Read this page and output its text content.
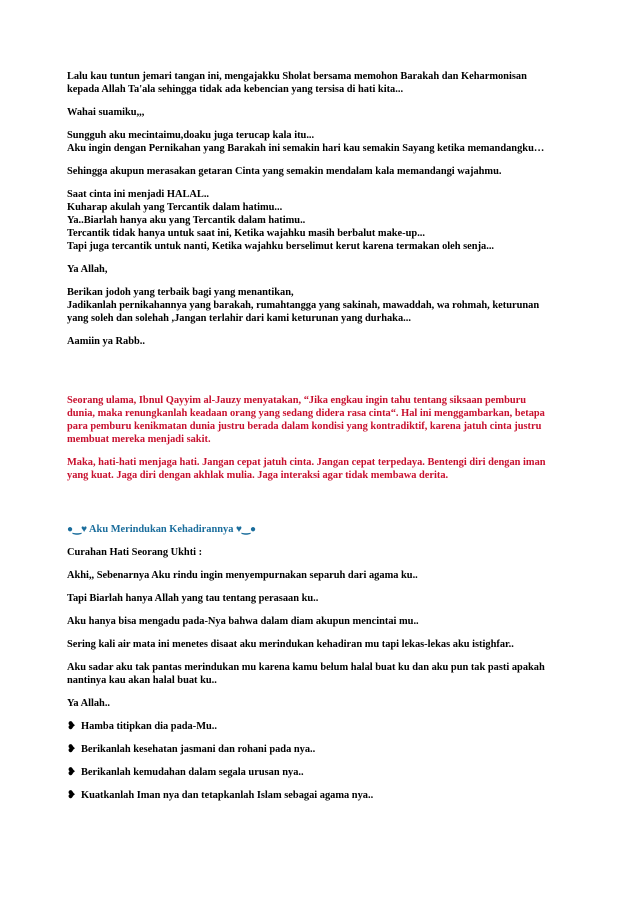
Lalu kau tuntun jemari tangan ini, mengajakku Sholat bersama memohon Barakah dan Keharmonisan
kepada Allah Ta'ala sehingga tidak ada kebencian yang tersisa di hati kita...

Wahai suamiku,,,

Sungguh aku mecintaimu,doaku juga terucap kala itu...
Aku ingin dengan Pernikahan yang Barakah ini semakin hari kau semakin Sayang ketika memandangku…

Sehingga akupun merasakan getaran Cinta yang semakin mendalam kala memandangi wajahmu.

Saat cinta ini menjadi HALAL..
Kuharap akulah yang Tercantik dalam hatimu...
Ya..Biarlah hanya aku yang Tercantik dalam hatimu..
Tercantik tidak hanya untuk saat ini, Ketika wajahku masih berbalut make-up...
Tapi juga tercantik untuk nanti, Ketika wajahku berselimut kerut karena termakan oleh senja...

Ya Allah,

Berikan jodoh yang terbaik bagi yang menantikan,
Jadikanlah pernikahannya yang barakah, rumahtangga yang sakinah, mawaddah, wa rohmah, keturunan
yang soleh dan solehah ,Jangan terlahir dari kami keturunan yang durhaka...

Aamiin ya Rabb..

Seorang ulama, Ibnul Qayyim al-Jauzy menyatakan, “Jika engkau ingin tahu tentang siksaan pemburu
dunia, maka renungkanlah keadaan orang yang sedang didera rasa cinta“. Hal ini menggambarkan, betapa
para pemburu kenikmatan dunia justru berada dalam kondisi yang kontradiktif, karena jatuh cinta justru
membuat mereka menjadi sakit.

Maka, hati-hati menjaga hati. Jangan cepat jatuh cinta. Jangan cepat terpedaya. Bentengi diri dengan iman
yang kuat. Jaga diri dengan akhlak mulia. Jaga interaksi agar tidak membawa derita.

●‿♥ Aku Merindukan Kehadirannya ♥‿●

Curahan Hati Seorang Ukhti :

Akhi,, Sebenarnya Aku rindu ingin menyempurnakan separuh dari agama ku..

Tapi Biarlah hanya Allah yang tau tentang perasaan ku..

Aku hanya bisa mengadu pada-Nya bahwa dalam diam akupun mencintai mu..

Sering kali air mata ini menetes disaat aku merindukan kehadiran mu tapi lekas-lekas aku istighfar..

Aku sadar aku tak pantas merindukan mu karena kamu belum halal buat ku dan aku pun tak pasti apakah
nantinya kau akan halal buat ku..

Ya Allah..

❥ Hamba titipkan dia pada-Mu..

❥ Berikanlah kesehatan jasmani dan rohani pada nya..

❥ Berikanlah kemudahan dalam segala urusan nya..

❥ Kuatkanlah Iman nya dan tetapkanlah Islam sebagai agama nya..
